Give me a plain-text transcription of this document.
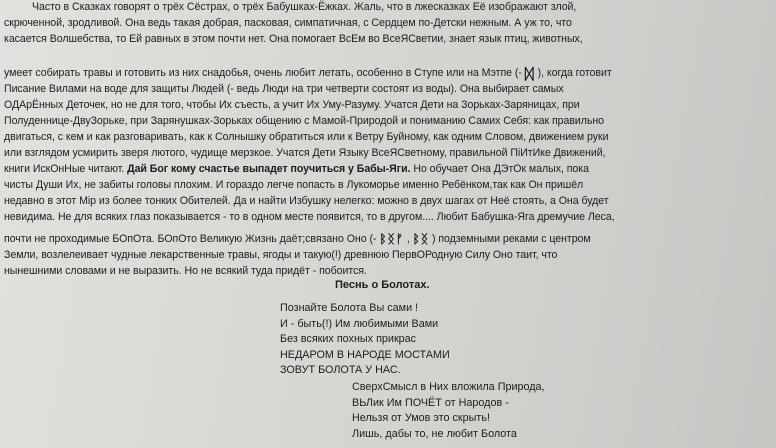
Часто в Сказках говорят о трёх Сёстрах, о трёх Бабушках-Ёжках. Жаль, что в лжесказках Её изображают злой,
скрюченной, зродливой. Она ведь такая добрая, пасковая, симпатичная, с Сердцем по-Детски нежным. А уж то, что
касается Волшебства, то Ей равных в этом почти нет. Она помогает ВсЕм во ВсеЯСветии, знает язык птиц, животных,
умеет собирать травы и готовить из них снадобья, очень любит летать, особенно в Ступе или на Мэтпе (- ᛞ ), когда готовит
Писание Вилами на воде для защиты Людей (- ведь Люди на три четверти состоят из воды). Она выбирает самых
ОДАрЁнных Деточек, но не для того, чтобы Их съесть, а учит Их Уму-Разуму. Учатся Дети на Зорьках-Заряницах, при
Полуденнице-ДвуЗорьке, при Зарянушках-Зорьках общению с Мамой-Природой и пониманию Самих Себя: как правильно
двигаться, с кем и как разговаривать, как к Солнышку обратиться или к Ветру Буйному, как одним Словом, движением руки
или взглядом усмирить зверя лютого, чудище мерзкое. Учатся Дети Языку ВсеЯСветному, правильной ПіИтИке Движений,
книги ИскОнНые читают. Дай Бог кому счастье выпадет поучиться у Бабы-Яги. Но обучает Она ДЭтОк малых, пока
чисты Души Их, не забиты головы плохим. И гораздо легче попасть в Лукоморье именно Ребёнком,так как Он пришёл
недавно в этот Мір из более тонких Обителей. Да и найти Избушку нелегко: можно в двух шагах от Неё стоять, а Она будет
невидима. Не для всяких глаз показывается - то в одном месте появится, то в другом.... Любит Бабушка-Яга дремучие Леса,
почти не проходимые БОпОта. БОпОто Великую Жизнь даёт;связано Оно (- ᛒᛝᚠ , ᛒᛝ ) подземными реками с центром
Земли, возлелеивает чудные лекарственные травы, ягоды и такую(!) древнюю ПервОРодную Силу Оно таит, что
нынешними словами и не выразить. Но не всякий туда придёт - побоится.
Песнь о Болотах.
Познайте Болота Вы сами !
И - быть(!) Им любимыми Вами
Без всяких похных прикрас
НЕДАРОМ В НАРОДЕ МОСТАМИ
ЗОВУТ БОЛОТА У НАС.
СверхСмысл в Них вложила Природа,
ВЬЛик Им ПОЧЁТ от Народов -
Нельзя от Умов это скрыть!
Лишь, дабы то, не любит Болота
